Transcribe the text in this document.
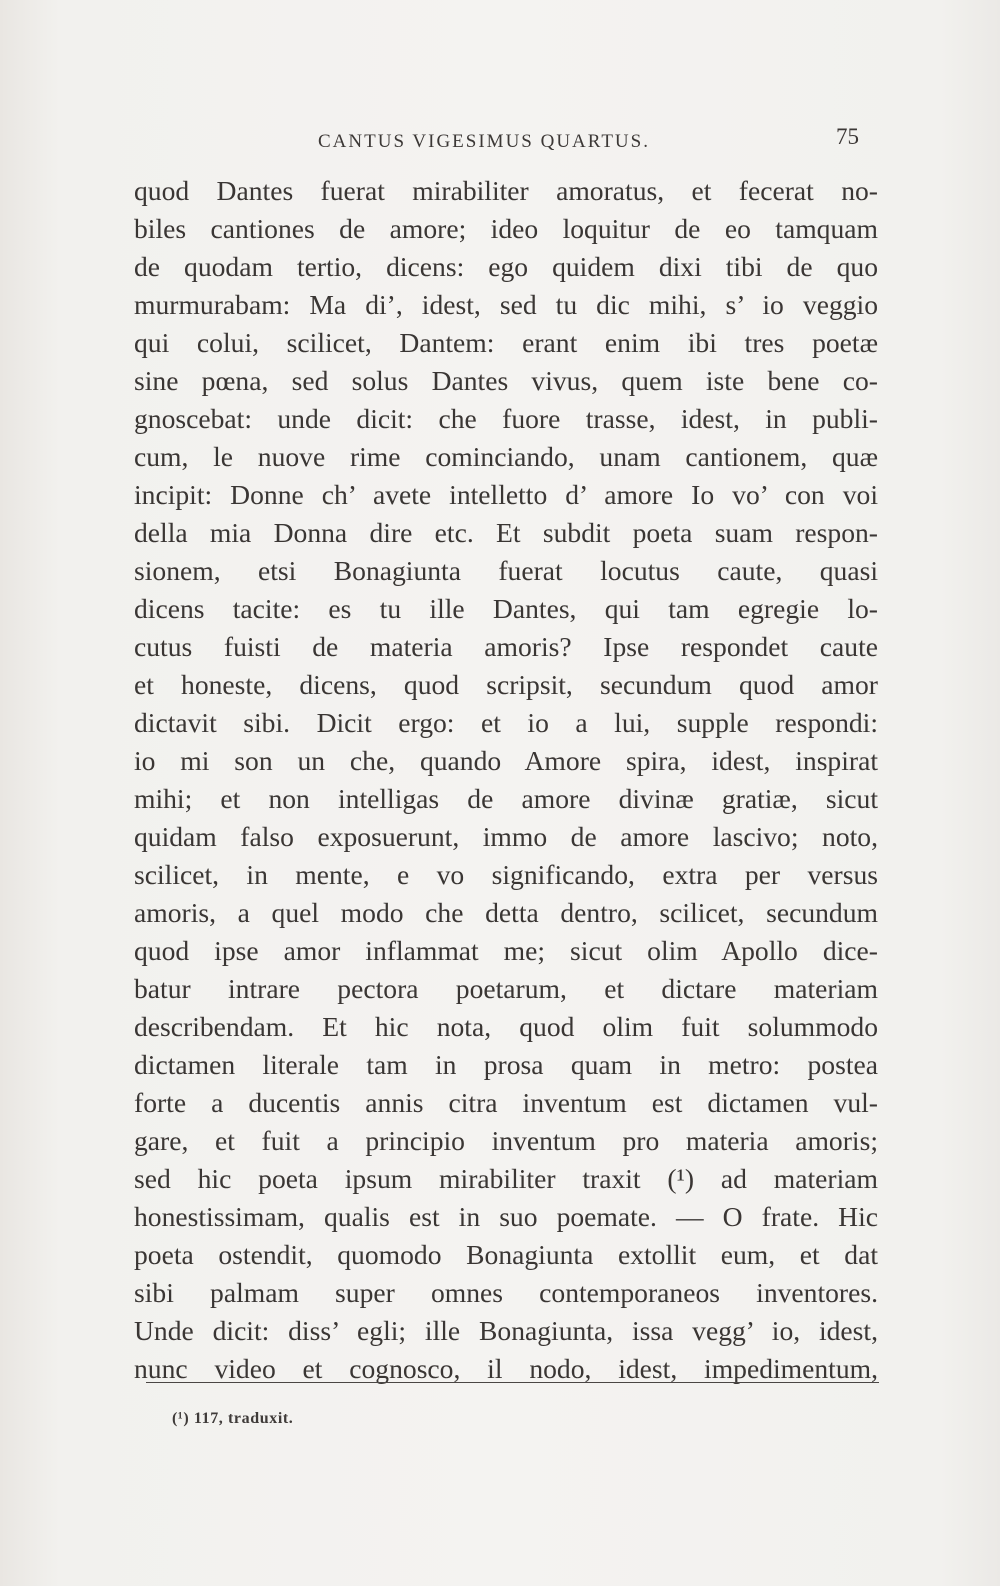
CANTUS VIGESIMUS QUARTUS.	75
quod Dantes fuerat mirabiliter amoratus, et fecerat no-
biles cantiones de amore; ideo loquitur de eo tamquam
de quodam tertio, dicens: ego quidem dixi tibi de quo
murmurabam: Ma di’, idest, sed tu dic mihi, s’ io veggio
qui colui, scilicet, Dantem: erant enim ibi tres poetæ
sine pœna, sed solus Dantes vivus, quem iste bene co-
gnoscebat: unde dicit: che fuore trasse, idest, in publi-
cum, le nuove rime cominciando, unam cantionem, quæ
incipit: Donne ch’ avete intelletto d’ amore Io vo’ con voi
della mia Donna dire etc. Et subdit poeta suam respon-
sionem, etsi Bonagiunta fuerat locutus caute, quasi
dicens tacite: es tu ille Dantes, qui tam egregie lo-
cutus fuisti de materia amoris? Ipse respondet caute
et honeste, dicens, quod scripsit, secundum quod amor
dictavit sibi. Dicit ergo: et io a lui, supple respondi:
io mi son un che, quando Amore spira, idest, inspirat
mihi; et non intelligas de amore divinæ gratiæ, sicut
quidam falso exposuerunt, immo de amore lascivo; noto,
scilicet, in mente, e vo significando, extra per versus
amoris, a quel modo che detta dentro, scilicet, secundum
quod ipse amor inflammat me; sicut olim Apollo dice-
batur intrare pectora poetarum, et dictare materiam
describendam. Et hic nota, quod olim fuit solummodo
dictamen literale tam in prosa quam in metro: postea
forte a ducentis annis citra inventum est dictamen vul-
gare, et fuit a principio inventum pro materia amoris;
sed hic poeta ipsum mirabiliter traxit (¹) ad materiam
honestissimam, qualis est in suo poemate. — O frate. Hic
poeta ostendit, quomodo Bonagiunta extollit eum, et dat
sibi palmam super omnes contemporaneos inventores.
Unde dicit: diss’ egli; ille Bonagiunta, issa vegg’ io, idest,
nunc video et cognosco, il nodo, idest, impedimentum,
(¹) 117, traduxit.
